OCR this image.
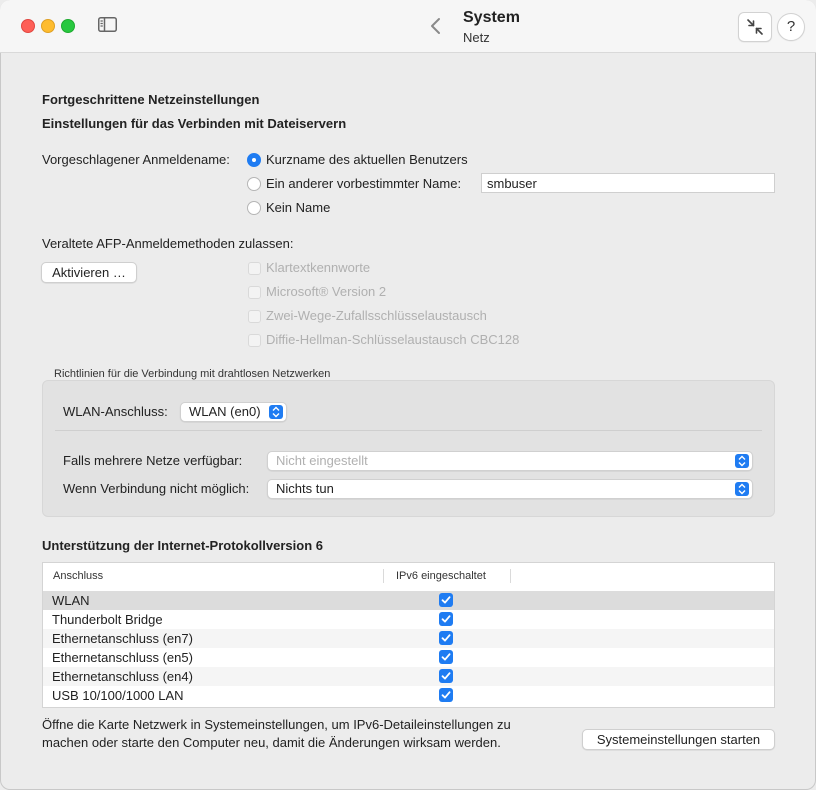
System
Netz
?
Fortgeschrittene Netzeinstellungen
Einstellungen für das Verbinden mit Dateiservern
Vorgeschlagener Anmeldename:	Kurzname des aktuellen Benutzers
Ein anderer vorbestimmter Name:	smbuser
Kein Name
Veraltete AFP-Anmeldemethoden zulassen:
Aktivieren …	Klartextkennworte
Microsoft® Version 2
Zwei-Wege-Zufallsschlüsselaustausch
Diffie-Hellman-Schlüsselaustausch CBC128
Richtlinien für die Verbindung mit drahtlosen Netzwerken
WLAN-Anschluss:	WLAN (en0)
Falls mehrere Netze verfügbar:	Nicht eingestellt
Wenn Verbindung nicht möglich:	Nichts tun
Unterstützung der Internet-Protokollversion 6
Anschluss	IPv6 eingeschaltet
WLAN
Thunderbolt Bridge
Ethernetanschluss (en7)
Ethernetanschluss (en5)
Ethernetanschluss (en4)
USB 10/100/1000 LAN
Öffne die Karte Netzwerk in Systemeinstellungen, um IPv6-Detaileinstellungen zu
machen oder starte den Computer neu, damit die Änderungen wirksam werden.	Systemeinstellungen starten
